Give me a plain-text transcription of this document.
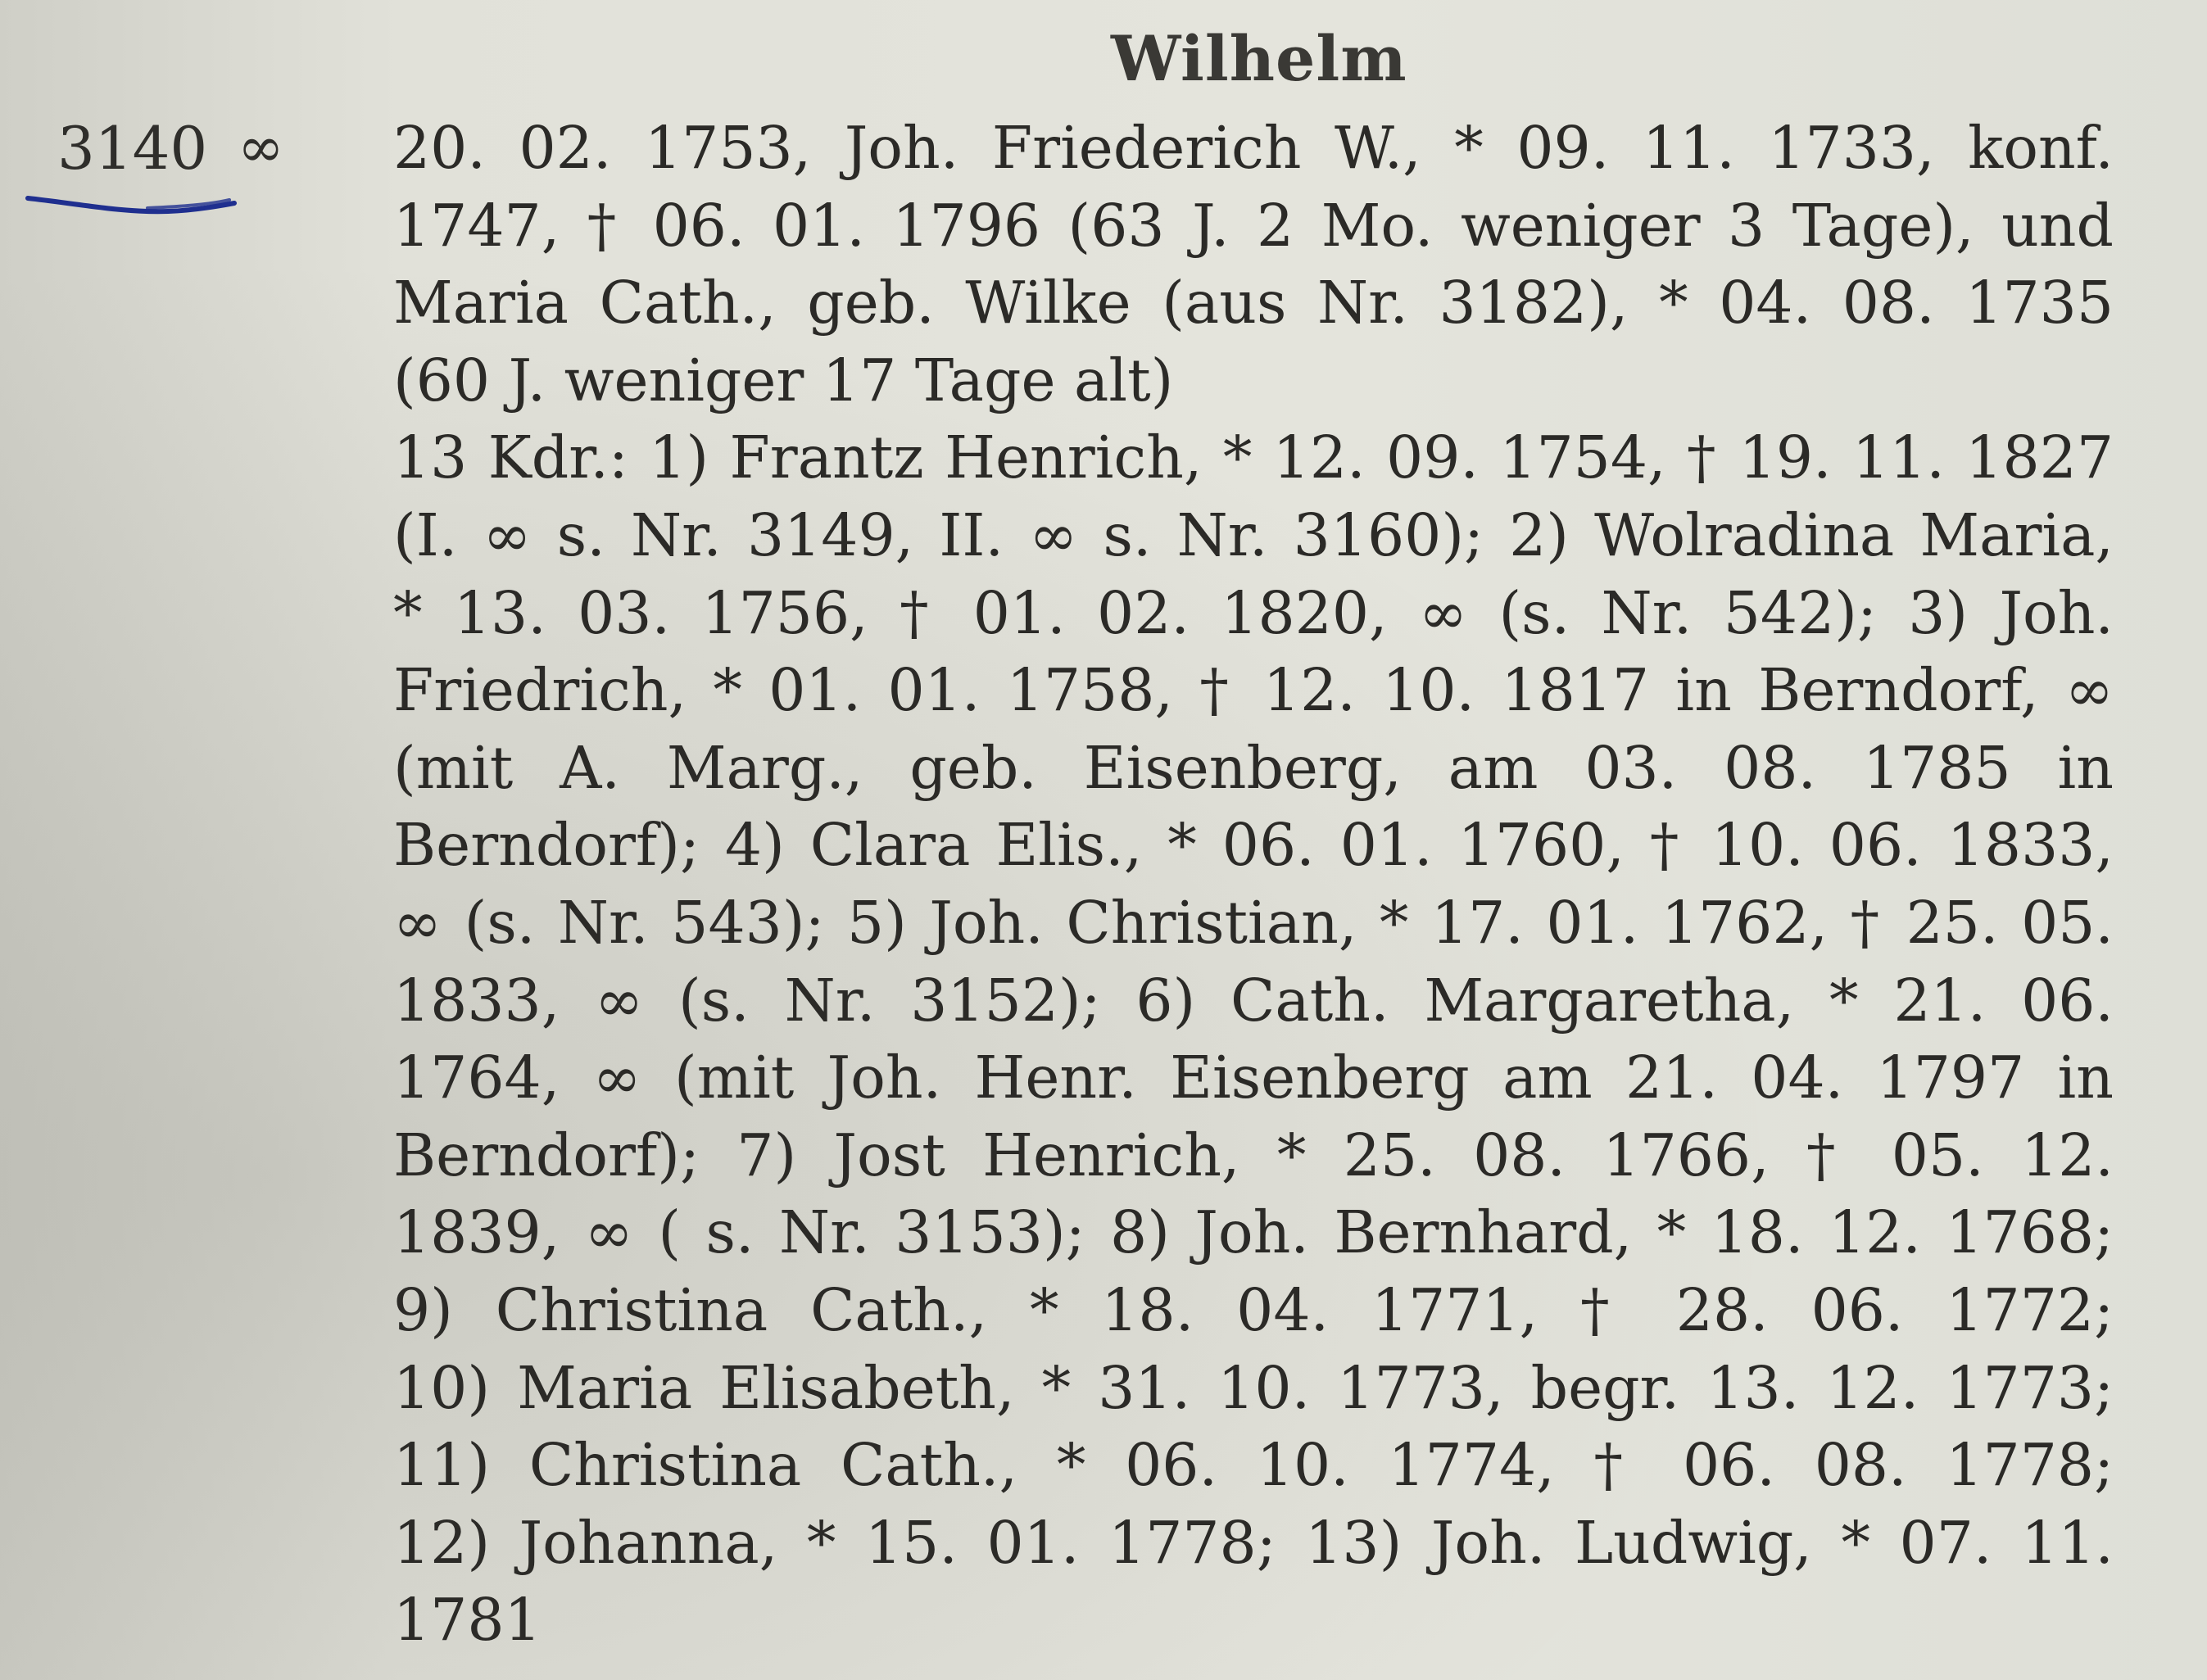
Wilhelm
3140 ∞ 20. 02. 1753, Joh. Friederich W., * 09. 11. 1733, konf.
1747, † 06. 01. 1796 (63 J. 2 Mo. weniger 3 Tage), und
Maria Cath., geb. Wilke (aus Nr. 3182), * 04. 08. 1735
(60 J. weniger 17 Tage alt)
13 Kdr.: 1) Frantz Henrich, * 12. 09. 1754, † 19. 11. 1827
(I. ∞ s. Nr. 3149, II. ∞ s. Nr. 3160); 2) Wolradina Maria,
* 13. 03. 1756, † 01. 02. 1820, ∞ (s. Nr. 542); 3) Joh.
Friedrich, * 01. 01. 1758, † 12. 10. 1817 in Berndorf, ∞
(mit A. Marg., geb. Eisenberg, am 03. 08. 1785 in
Berndorf); 4) Clara Elis., * 06. 01. 1760, † 10. 06. 1833,
∞ (s. Nr. 543); 5) Joh. Christian, * 17. 01. 1762, † 25. 05.
1833, ∞ (s. Nr. 3152); 6) Cath. Margaretha, * 21. 06.
1764, ∞ (mit Joh. Henr. Eisenberg am 21. 04. 1797 in
Berndorf); 7) Jost Henrich, * 25. 08. 1766, † 05. 12.
1839, ∞ ( s. Nr. 3153); 8) Joh. Bernhard, * 18. 12. 1768;
9) Christina Cath., * 18. 04. 1771, † 28. 06. 1772;
10) Maria Elisabeth, * 31. 10. 1773, begr. 13. 12. 1773;
11) Christina Cath., * 06. 10. 1774, † 06. 08. 1778;
12) Johanna, * 15. 01. 1778; 13) Joh. Ludwig, * 07. 11.
1781
